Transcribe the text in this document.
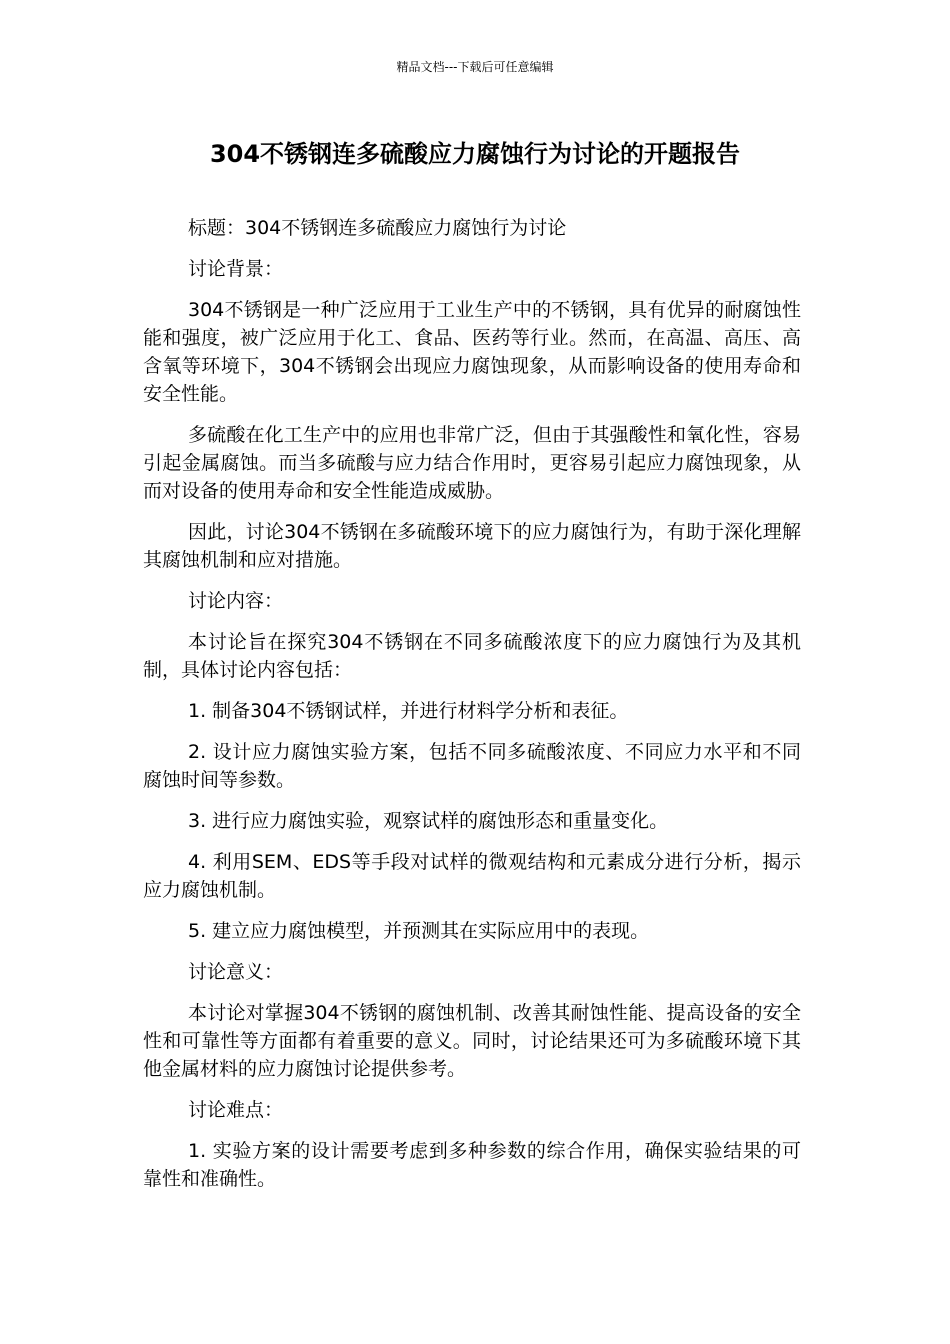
精品文档---下载后可任意编辑
304不锈钢连多硫酸应力腐蚀行为讨论的开题报告

标题：304不锈钢连多硫酸应力腐蚀行为讨论

讨论背景：

304不锈钢是一种广泛应用于工业生产中的不锈钢，具有优异的耐腐蚀性能和强度，被广泛应用于化工、食品、医药等行业。然而，在高温、高压、高含氧等环境下，304不锈钢会出现应力腐蚀现象，从而影响设备的使用寿命和安全性能。

多硫酸在化工生产中的应用也非常广泛，但由于其强酸性和氧化性，容易引起金属腐蚀。而当多硫酸与应力结合作用时，更容易引起应力腐蚀现象，从而对设备的使用寿命和安全性能造成威胁。

因此，讨论304不锈钢在多硫酸环境下的应力腐蚀行为，有助于深化理解其腐蚀机制和应对措施。

讨论内容：

本讨论旨在探究304不锈钢在不同多硫酸浓度下的应力腐蚀行为及其机制，具体讨论内容包括：

1. 制备304不锈钢试样，并进行材料学分析和表征。

2. 设计应力腐蚀实验方案，包括不同多硫酸浓度、不同应力水平和不同腐蚀时间等参数。

3. 进行应力腐蚀实验，观察试样的腐蚀形态和重量变化。

4. 利用SEM、EDS等手段对试样的微观结构和元素成分进行分析，揭示应力腐蚀机制。

5. 建立应力腐蚀模型，并预测其在实际应用中的表现。

讨论意义：

本讨论对掌握304不锈钢的腐蚀机制、改善其耐蚀性能、提高设备的安全性和可靠性等方面都有着重要的意义。同时，讨论结果还可为多硫酸环境下其他金属材料的应力腐蚀讨论提供参考。

讨论难点：

1. 实验方案的设计需要考虑到多种参数的综合作用，确保实验结果的可靠性和准确性。
